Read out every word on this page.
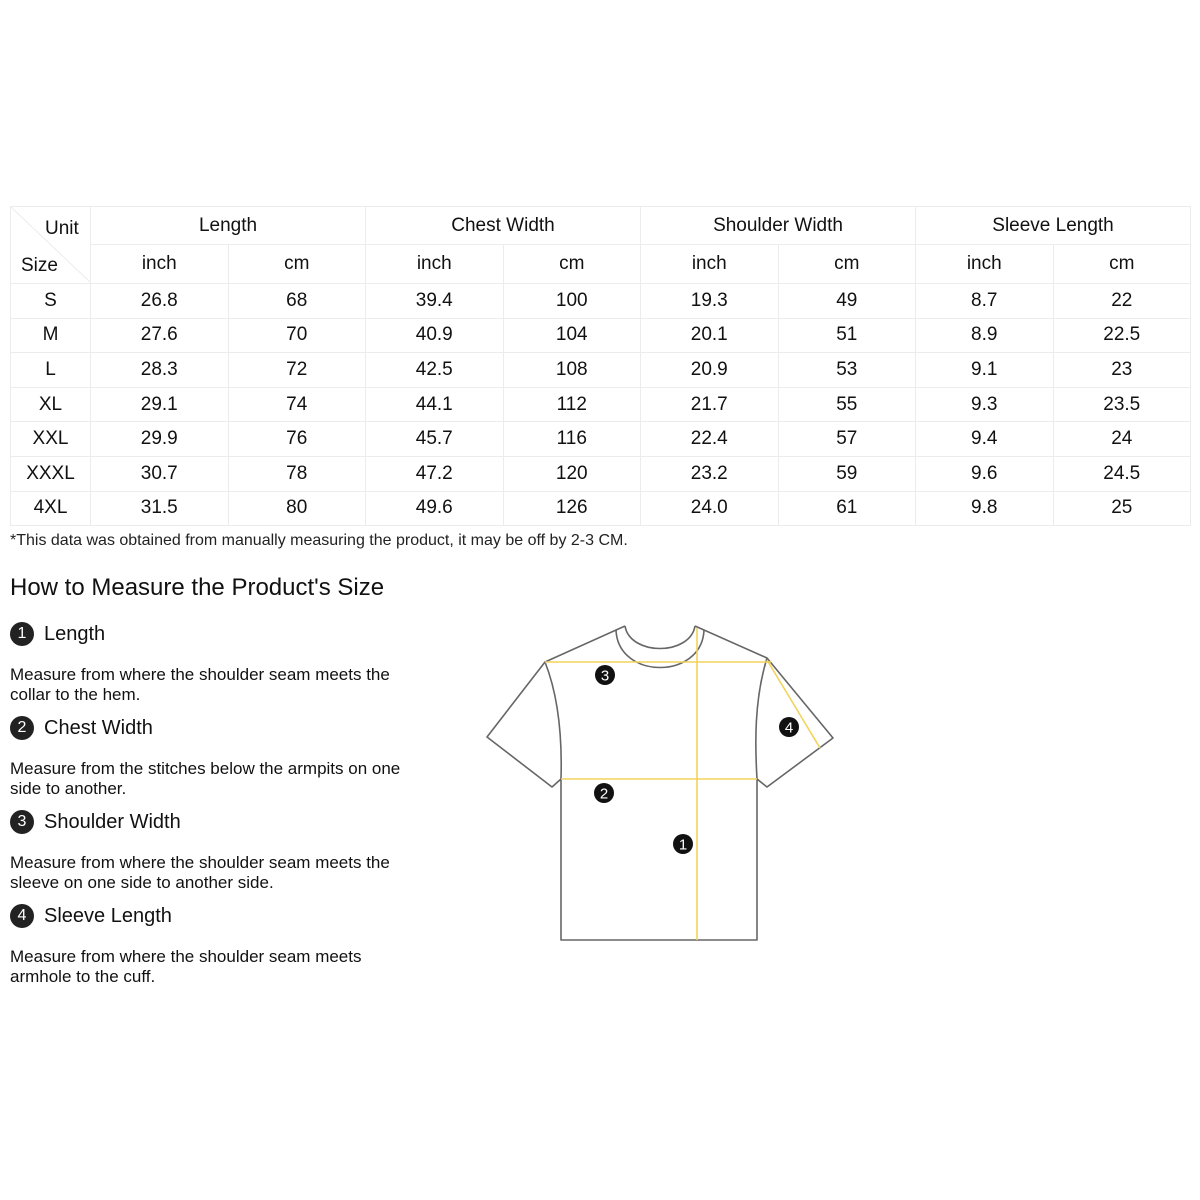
Unit
Size	Length		Chest Width		Shoulder Width		Sleeve Length	
	inch	cm	inch	cm	inch	cm	inch	cm
S	26.8	68	39.4	100	19.3	49	8.7	22
M	27.6	70	40.9	104	20.1	51	8.9	22.5
L	28.3	72	42.5	108	20.9	53	9.1	23
XL	29.1	74	44.1	112	21.7	55	9.3	23.5
XXL	29.9	76	45.7	116	22.4	57	9.4	24
XXXL	30.7	78	47.2	120	23.2	59	9.6	24.5
4XL	31.5	80	49.6	126	24.0	61	9.8	25
*This data was obtained from manually measuring the product, it may be off by 2-3 CM.
How to Measure the Product's Size
1 Length
Measure from where the shoulder seam meets the collar to the hem.
2 Chest Width
Measure from the stitches below the armpits on one side to another.
3 Shoulder Width
Measure from where the shoulder seam meets the sleeve on one side to another side.
4 Sleeve Length
Measure from where the shoulder seam meets armhole to the cuff.
3
2
1
4
